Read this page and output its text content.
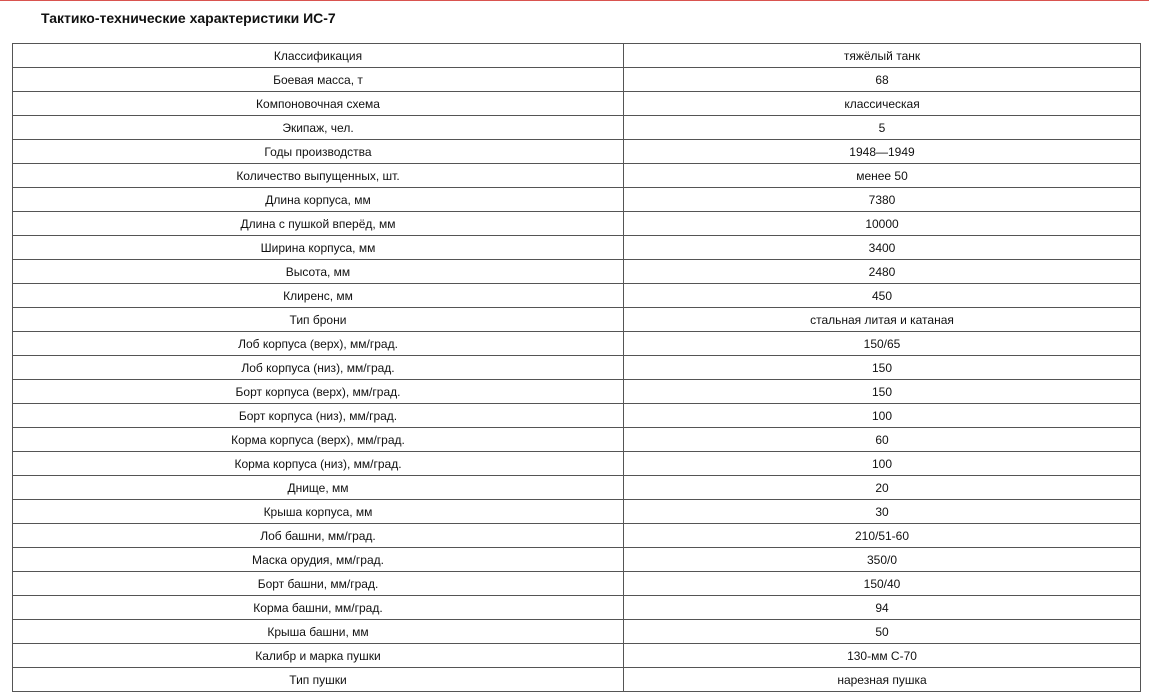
Тактико-технические характеристики ИС-7
Классификация	тяжёлый танк
Боевая масса, т	68
Компоновочная схема	классическая
Экипаж, чел.	5
Годы производства	1948—1949
Количество выпущенных, шт.	менее 50
Длина корпуса, мм	7380
Длина с пушкой вперёд, мм	10000
Ширина корпуса, мм	3400
Высота, мм	2480
Клиренс, мм	450
Тип брони	стальная литая и катаная
Лоб корпуса (верх), мм/град.	150/65
Лоб корпуса (низ), мм/град.	150
Борт корпуса (верх), мм/град.	150
Борт корпуса (низ), мм/град.	100
Корма корпуса (верх), мм/град.	60
Корма корпуса (низ), мм/град.	100
Днище, мм	20
Крыша корпуса, мм	30
Лоб башни, мм/град.	210/51-60
Маска орудия, мм/град.	350/0
Борт башни, мм/град.	150/40
Корма башни, мм/град.	94
Крыша башни, мм	50
Калибр и марка пушки	130-мм С-70
Тип пушки	нарезная пушка
